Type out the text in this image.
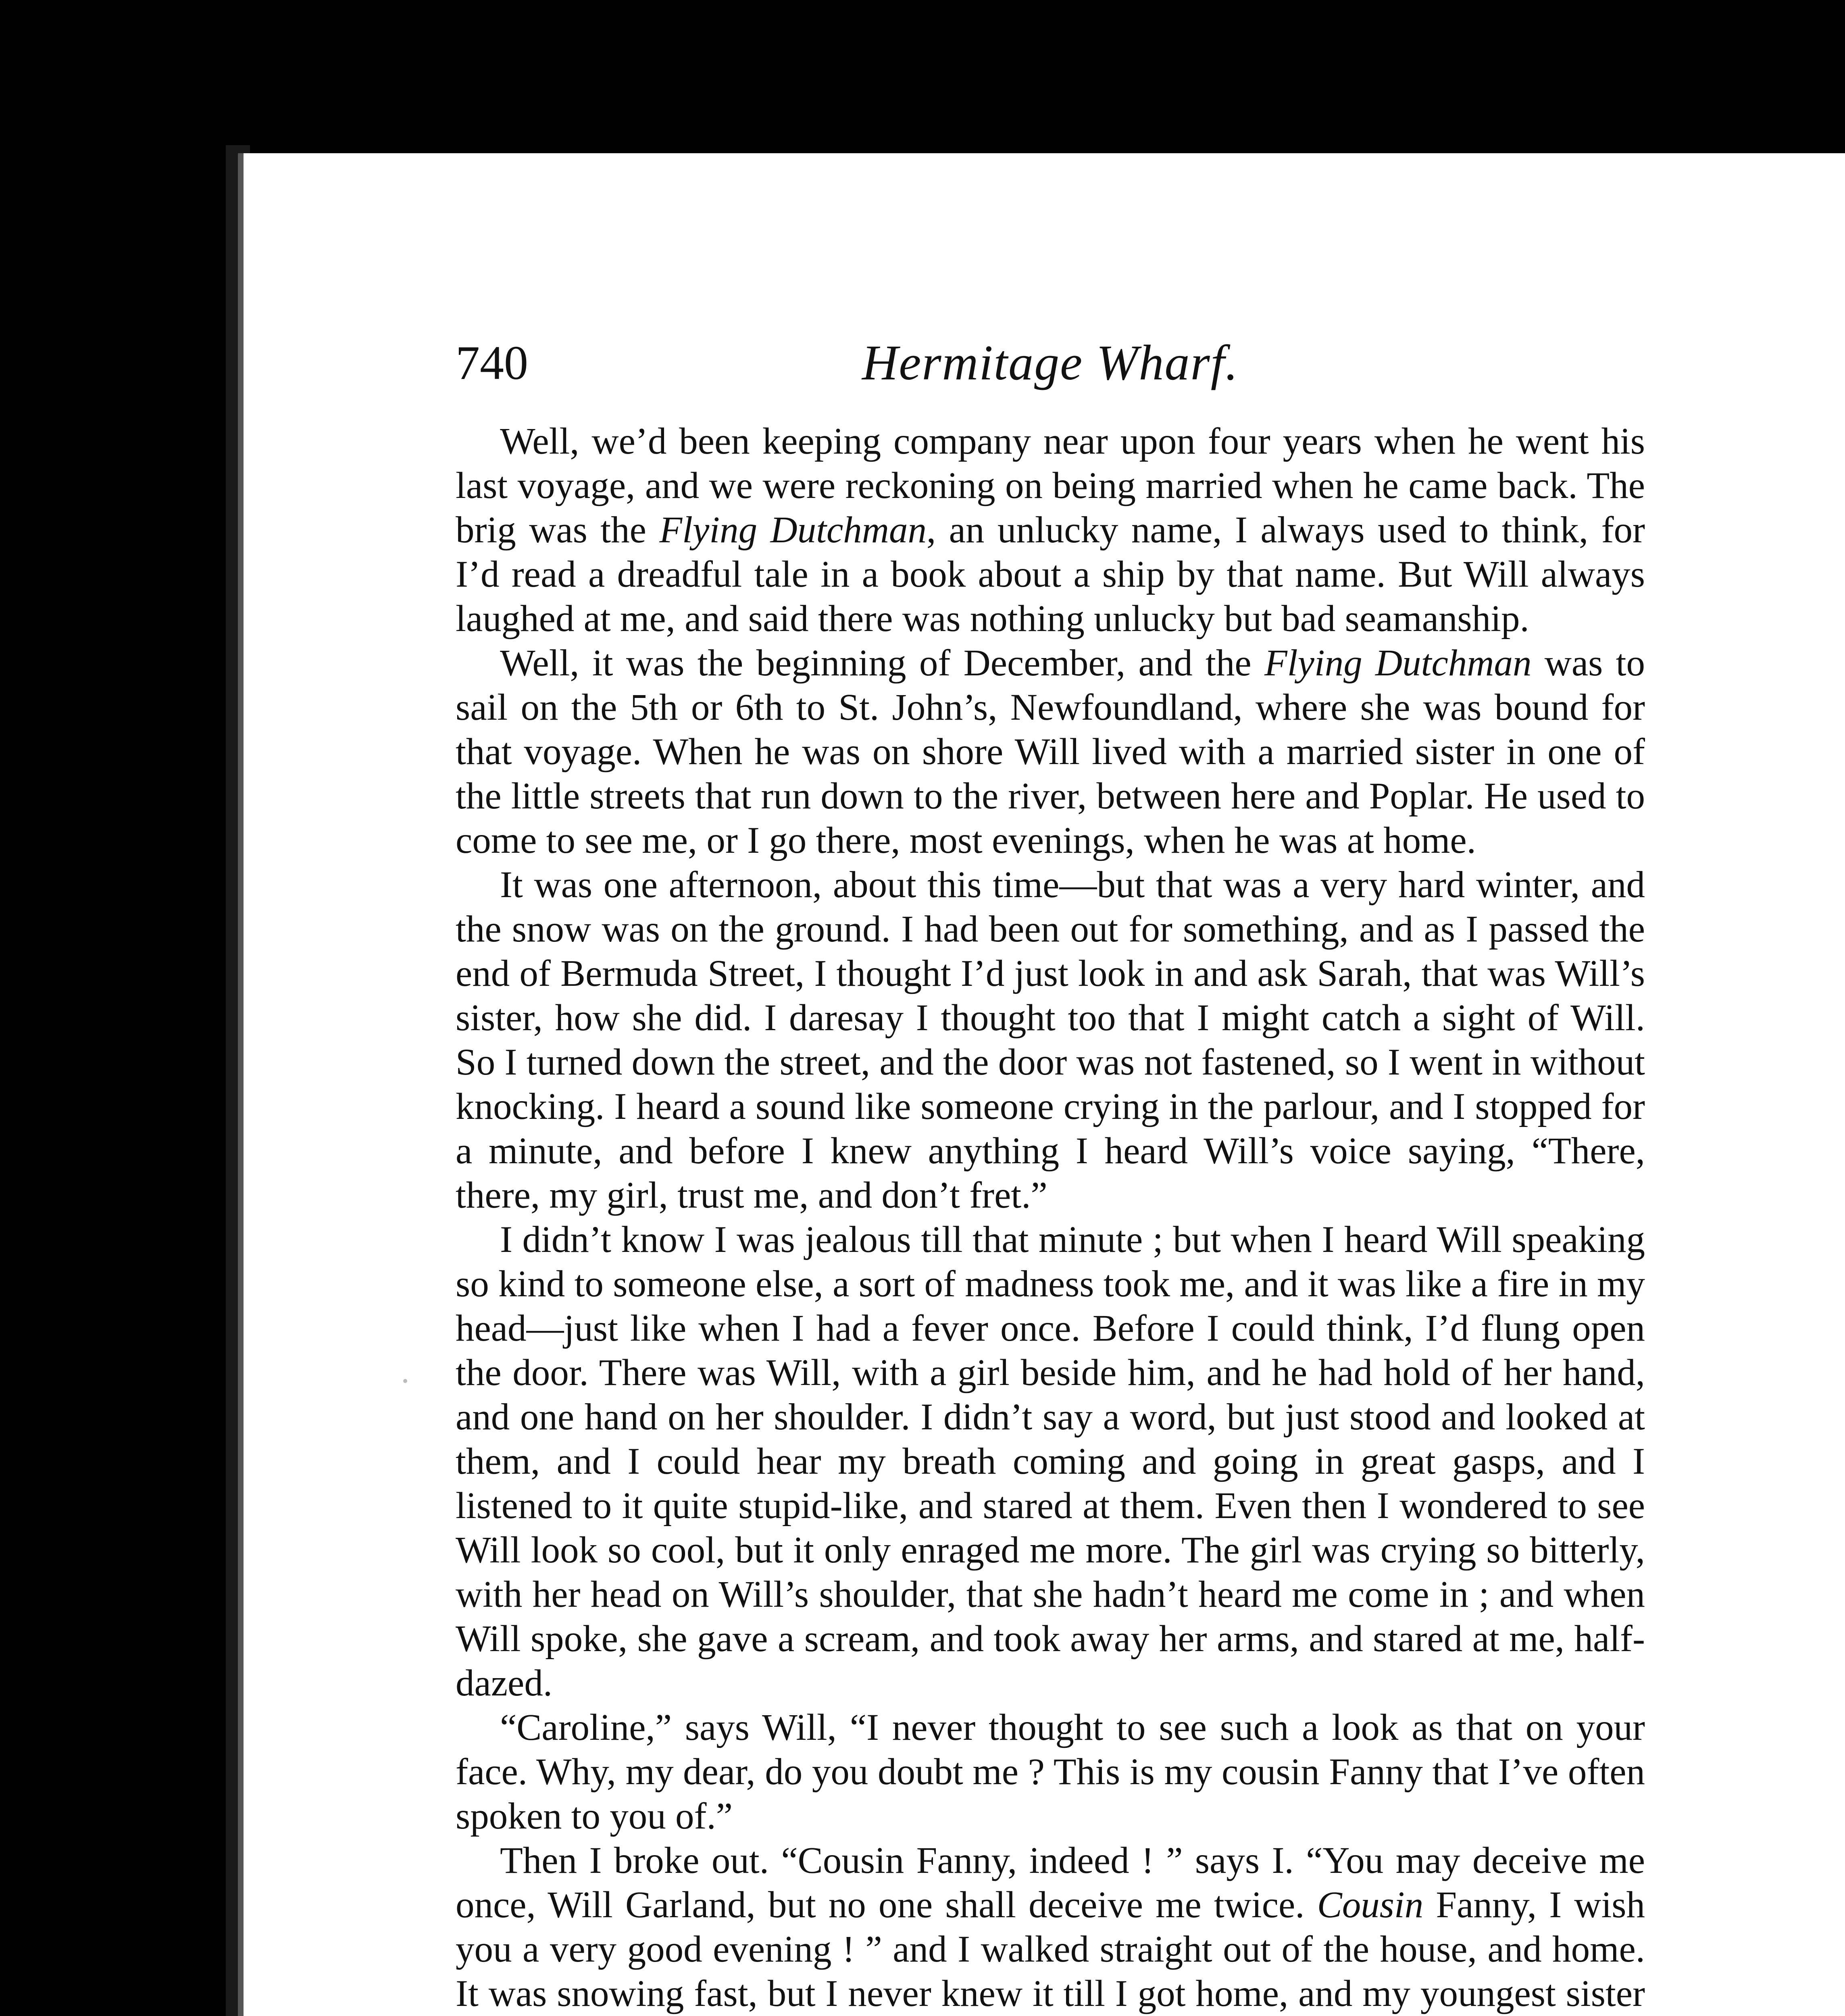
740	Hermitage Wharf.

Well, we’d been keeping company near upon four years when he went his last voyage, and we were reckoning on being married when he came back. The brig was the Flying Dutchman, an unlucky name, I always used to think, for I’d read a dreadful tale in a book about a ship by that name. But Will always laughed at me, and said there was nothing unlucky but bad seamanship.

Well, it was the beginning of December, and the Flying Dutchman was to sail on the 5th or 6th to St. John’s, Newfoundland, where she was bound for that voyage. When he was on shore Will lived with a married sister in one of the little streets that run down to the river, between here and Poplar. He used to come to see me, or I go there, most evenings, when he was at home.

It was one afternoon, about this time—but that was a very hard winter, and the snow was on the ground. I had been out for something, and as I passed the end of Bermuda Street, I thought I’d just look in and ask Sarah, that was Will’s sister, how she did. I daresay I thought too that I might catch a sight of Will. So I turned down the street, and the door was not fastened, so I went in without knocking. I heard a sound like someone crying in the parlour, and I stopped for a minute, and before I knew anything I heard Will’s voice saying, “There, there, my girl, trust me, and don’t fret.”

I didn’t know I was jealous till that minute ; but when I heard Will speaking so kind to someone else, a sort of madness took me, and it was like a fire in my head—just like when I had a fever once. Before I could think, I’d flung open the door. There was Will, with a girl beside him, and he had hold of her hand, and one hand on her shoulder. I didn’t say a word, but just stood and looked at them, and I could hear my breath coming and going in great gasps, and I listened to it quite stupid-like, and stared at them. Even then I wondered to see Will look so cool, but it only enraged me more. The girl was crying so bitterly, with her head on Will’s shoulder, that she hadn’t heard me come in ; and when Will spoke, she gave a scream, and took away her arms, and stared at me, half-dazed.

“Caroline,” says Will, “I never thought to see such a look as that on your face. Why, my dear, do you doubt me ? This is my cousin Fanny that I’ve often spoken to you of.”

Then I broke out. “Cousin Fanny, indeed ! ” says I. “You may deceive me once, Will Garland, but no one shall deceive me twice. Cousin Fanny, I wish you a very good evening ! ” and I walked straight out of the house, and home. It was snowing fast, but I never knew it till I got home, and my youngest sister
